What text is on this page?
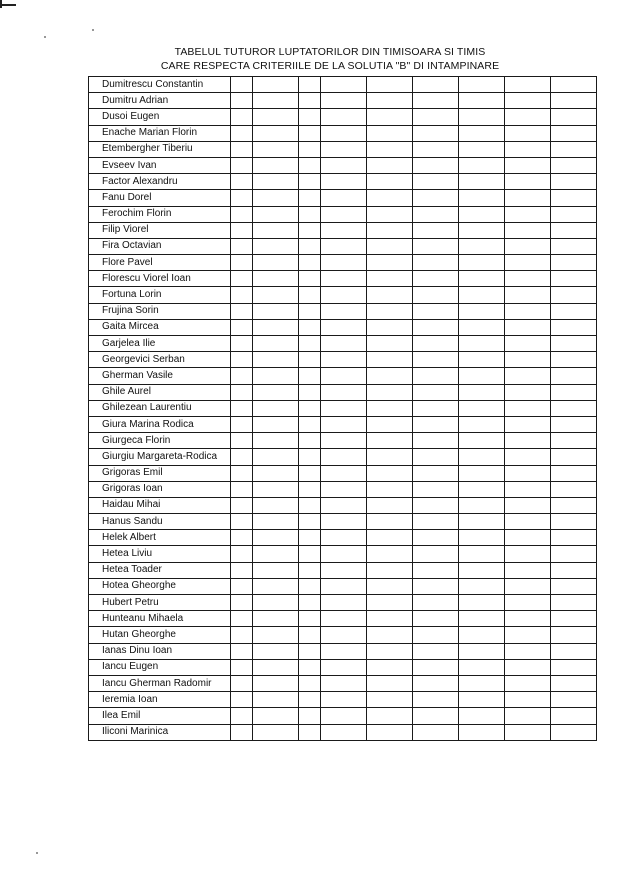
TABELUL TUTUROR LUPTATORILOR DIN TIMISOARA SI TIMIS
CARE RESPECTA CRITERIILE DE LA SOLUTIA "B" DI INTAMPINARE
Dumitrescu Constantin									
Dumitru Adrian									
Dusoi Eugen									
Enache Marian Florin									
Etembergher Tiberiu									
Evseev Ivan									
Factor Alexandru									
Fanu Dorel									
Ferochim Florin									
Filip Viorel									
Fira Octavian									
Flore Pavel									
Florescu Viorel Ioan									
Fortuna Lorin									
Frujina Sorin									
Gaita Mircea									
Garjelea Ilie									
Georgevici Serban									
Gherman Vasile									
Ghile Aurel									
Ghilezean Laurentiu									
Giura Marina Rodica									
Giurgeca Florin									
Giurgiu Margareta-Rodica									
Grigoras Emil									
Grigoras Ioan									
Haidau Mihai									
Hanus Sandu									
Helek Albert									
Hetea Liviu									
Hetea Toader									
Hotea Gheorghe									
Hubert Petru									
Hunteanu Mihaela									
Hutan Gheorghe									
Ianas Dinu Ioan									
Iancu Eugen									
Iancu Gherman Radomir									
Ieremia Ioan									
Ilea Emil									
Iliconi Marinica									
